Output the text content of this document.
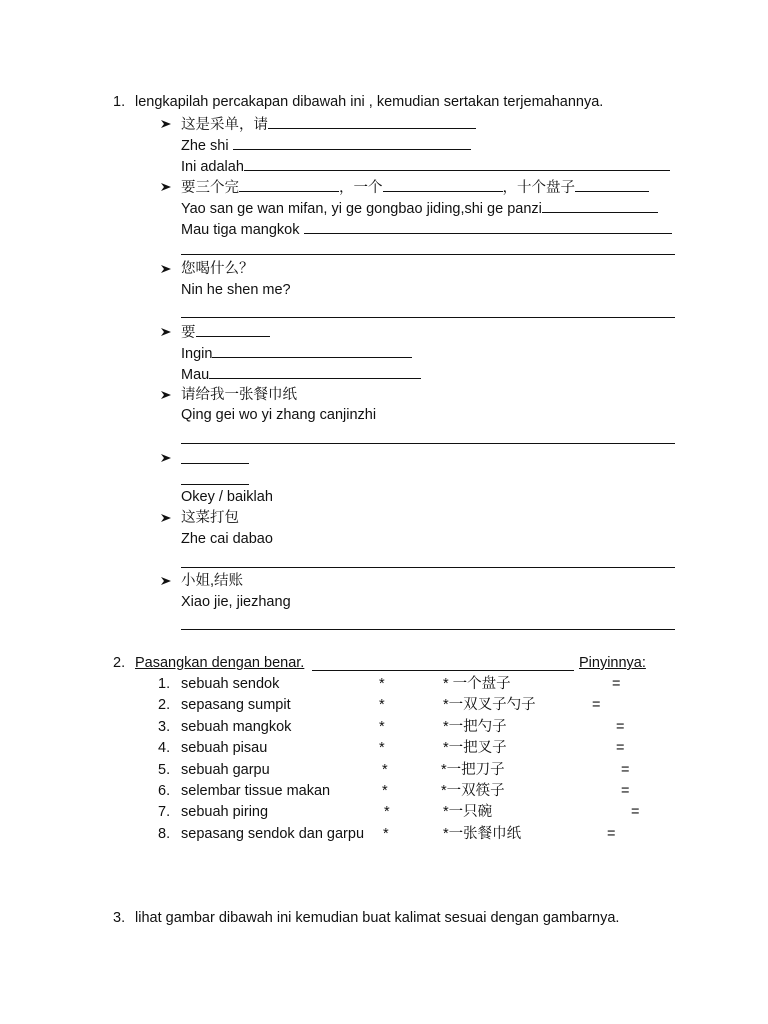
1. lengkapilah percakapan dibawah ini , kemudian sertakan terjemahannya.
这是采单，请
Zhe shi
Ini adalah
要三个完	，一个	，十个盘子
Yao san ge wan mifan, yi ge gongbao jiding,shi ge panzi
Mau tiga mangkok
您喝什么？
Nin he shen me?
要
Ingin
Mau
请给我一张餐巾纸
Qing gei wo yi zhang canjinzhi
Okey / baiklah
这菜打包
Zhe cai dabao
小姐,结账
Xiao jie, jiezhang
2. Pasangkan dengan benar.	Pinyinnya:
1. sebuah sendok	*	* 一个盘子	=
2. sepasang sumpit	*	*一双叉子勺子	=
3. sebuah mangkok	*	*一把勺子	=
4. sebuah pisau	*	*一把叉子	=
5. sebuah garpu	*	*一把刀子	=
6. selembar tissue makan	*	*一双筷子	=
7. sebuah piring	*	*一只碗	=
8. sepasang sendok dan garpu *	*一张餐巾纸	=
3. lihat gambar dibawah ini kemudian buat kalimat sesuai dengan gambarnya.
